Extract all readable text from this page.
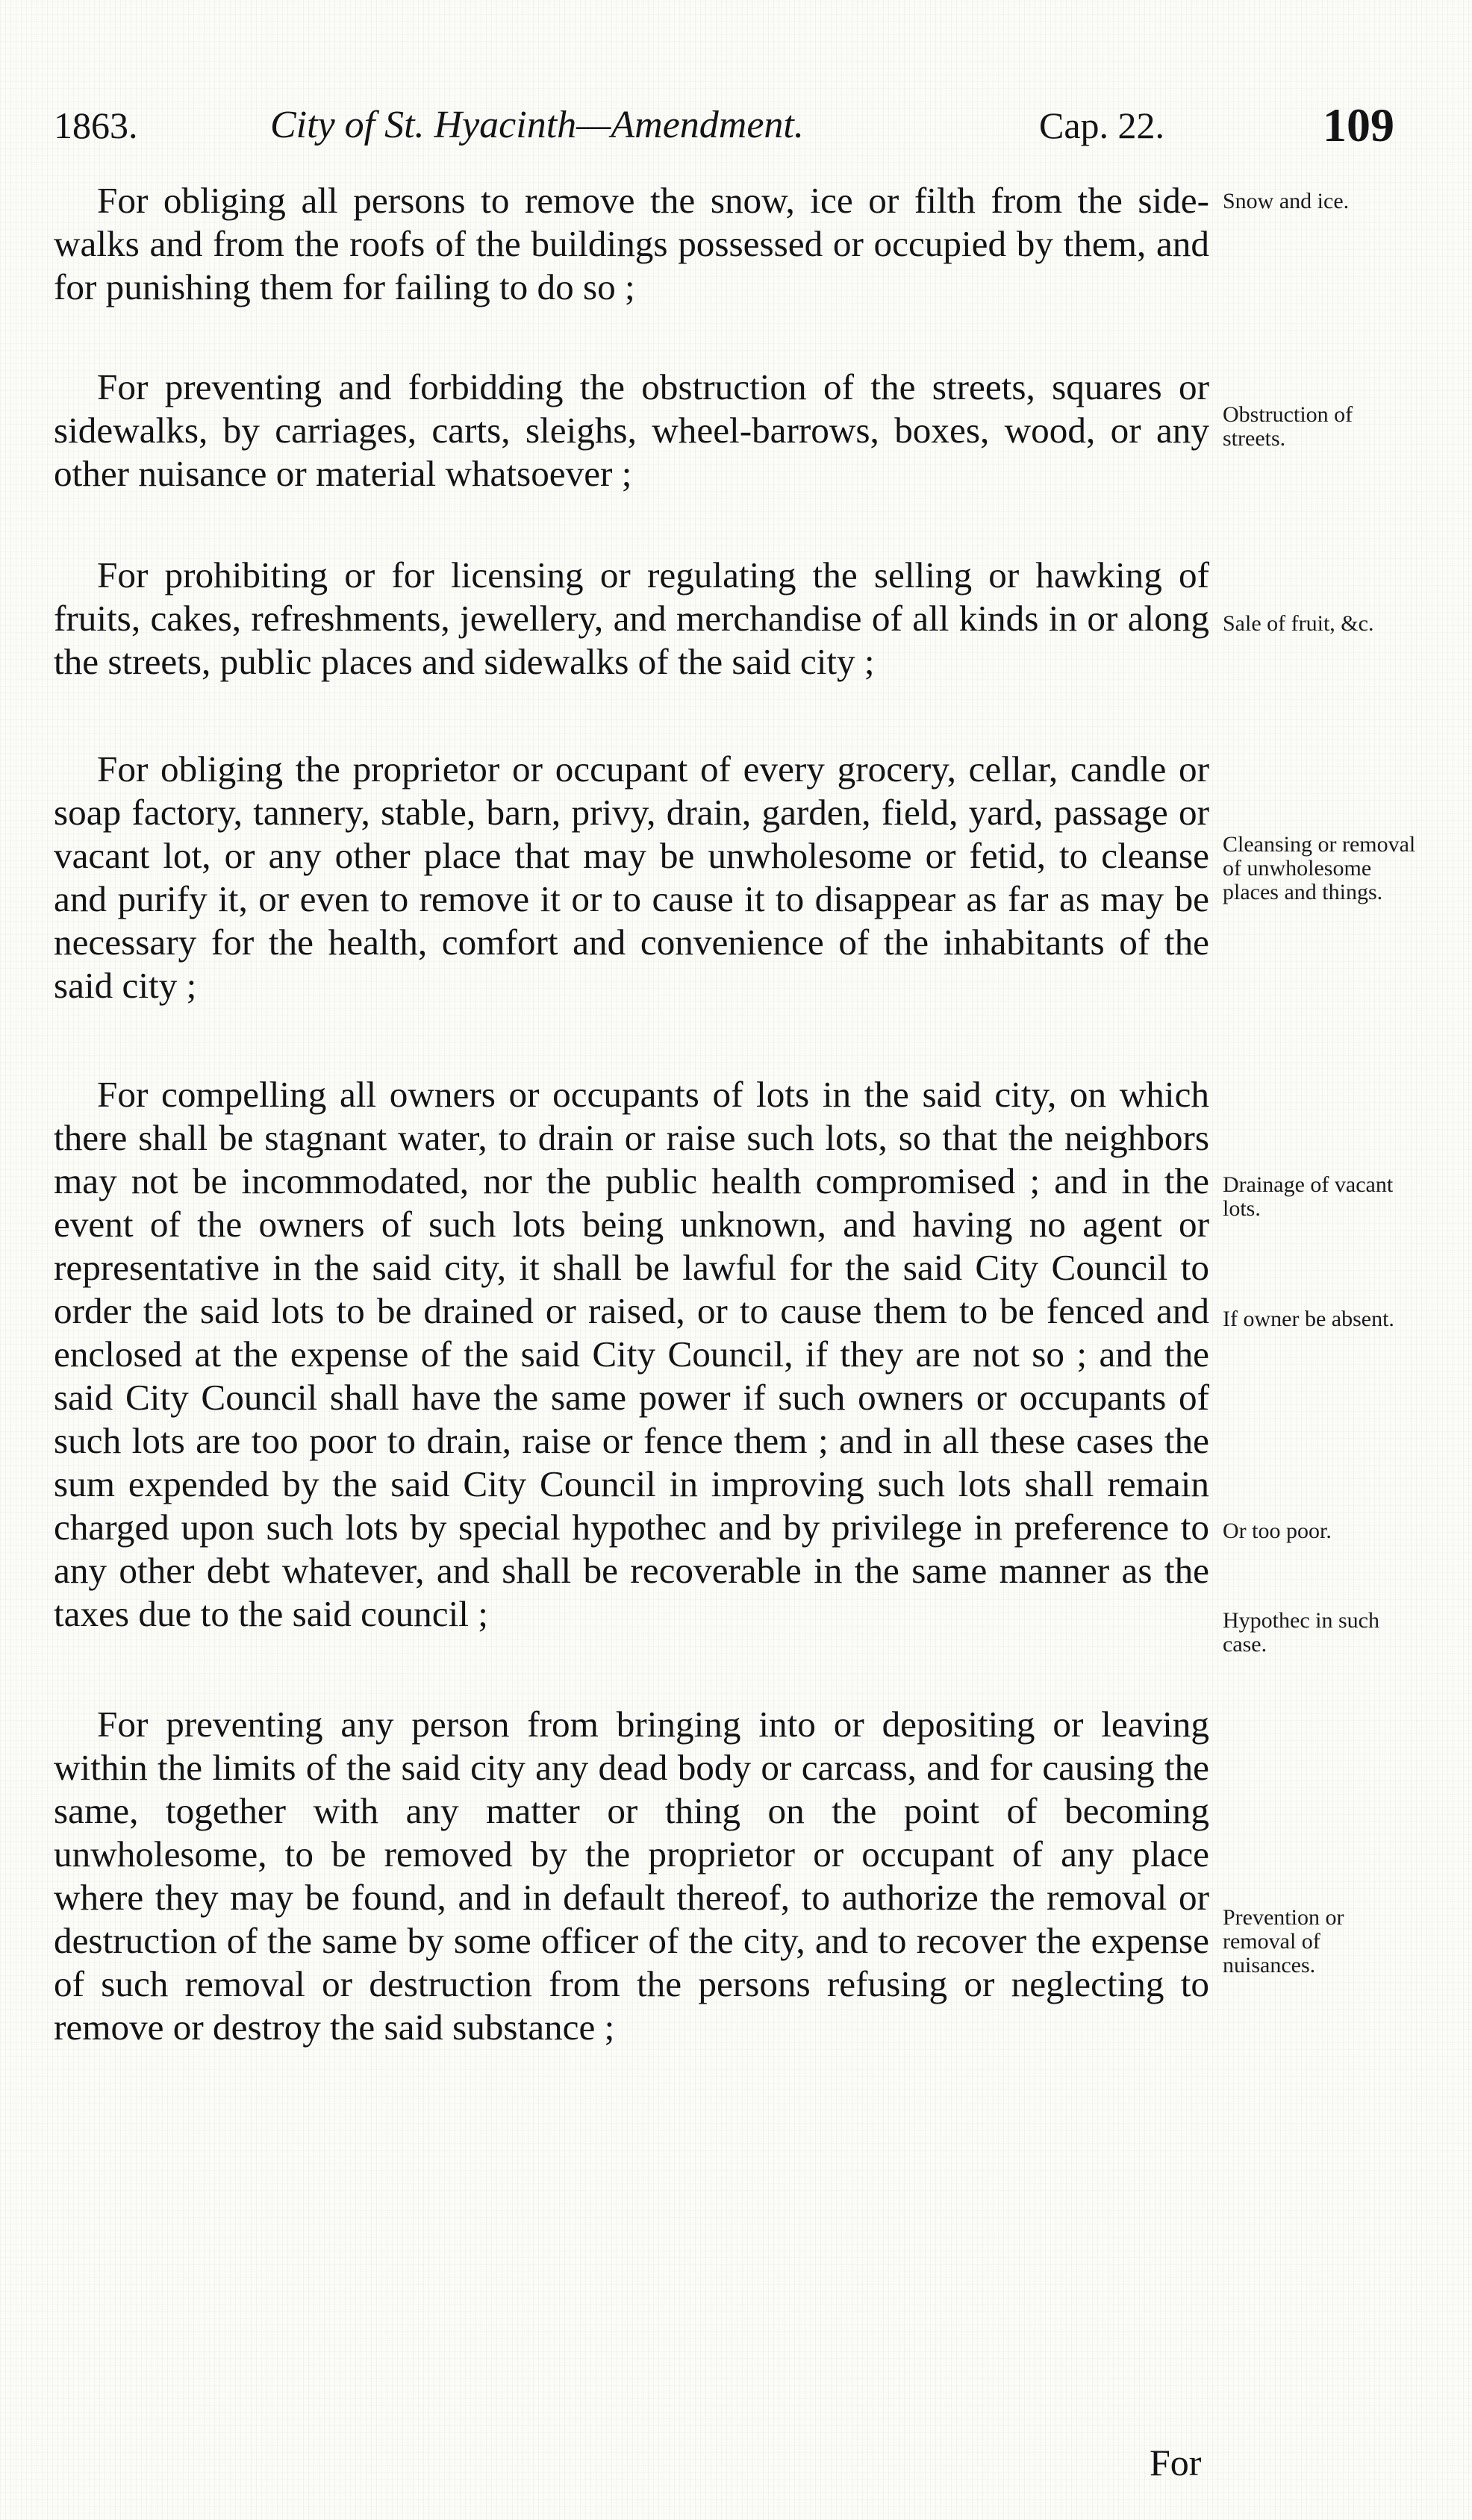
1863.	City of St. Hyacinth—Amendment.	Cap. 22.	109

For obliging all persons to remove the snow, ice or filth from the side-walks and from the roofs of the buildings possessed or occupied by them, and for punishing them for failing to do so ;

For preventing and forbidding the obstruction of the streets, squares or sidewalks, by carriages, carts, sleighs, wheel-barrows, boxes, wood, or any other nuisance or material whatsoever ;

For prohibiting or for licensing or regulating the selling or hawking of fruits, cakes, refreshments, jewellery, and merchandise of all kinds in or along the streets, public places and sidewalks of the said city ;

For obliging the proprietor or occupant of every grocery, cellar, candle or soap factory, tannery, stable, barn, privy, drain, garden, field, yard, passage or vacant lot, or any other place that may be unwholesome or fetid, to cleanse and purify it, or even to remove it or to cause it to disappear as far as may be necessary for the health, comfort and convenience of the inhabitants of the said city ;

For compelling all owners or occupants of lots in the said city, on which there shall be stagnant water, to drain or raise such lots, so that the neighbors may not be incommodated, nor the public health compromised ; and in the event of the owners of such lots being unknown, and having no agent or representative in the said city, it shall be lawful for the said City Council to order the said lots to be drained or raised, or to cause them to be fenced and enclosed at the expense of the said City Council, if they are not so ; and the said City Council shall have the same power if such owners or occupants of such lots are too poor to drain, raise or fence them ; and in all these cases the sum expended by the said City Council in improving such lots shall remain charged upon such lots by special hypothec and by privilege in preference to any other debt whatever, and shall be recoverable in the same manner as the taxes due to the said council ;

For preventing any person from bringing into or depositing or leaving within the limits of the said city any dead body or carcass, and for causing the same, together with any matter or thing on the point of becoming unwholesome, to be removed by the proprietor or occupant of any place where they may be found, and in default thereof, to authorize the removal or destruction of the same by some officer of the city, and to recover the expense of such removal or destruction from the persons refusing or neglecting to remove or destroy the said substance ;

Snow and ice.
Obstruction of streets.
Sale of fruit, &c.
Cleansing or removal of unwholesome places and things.
Drainage of vacant lots.
If owner be absent.
Or too poor.
Hypothec in such case.
Prevention or removal of nuisances.
For
